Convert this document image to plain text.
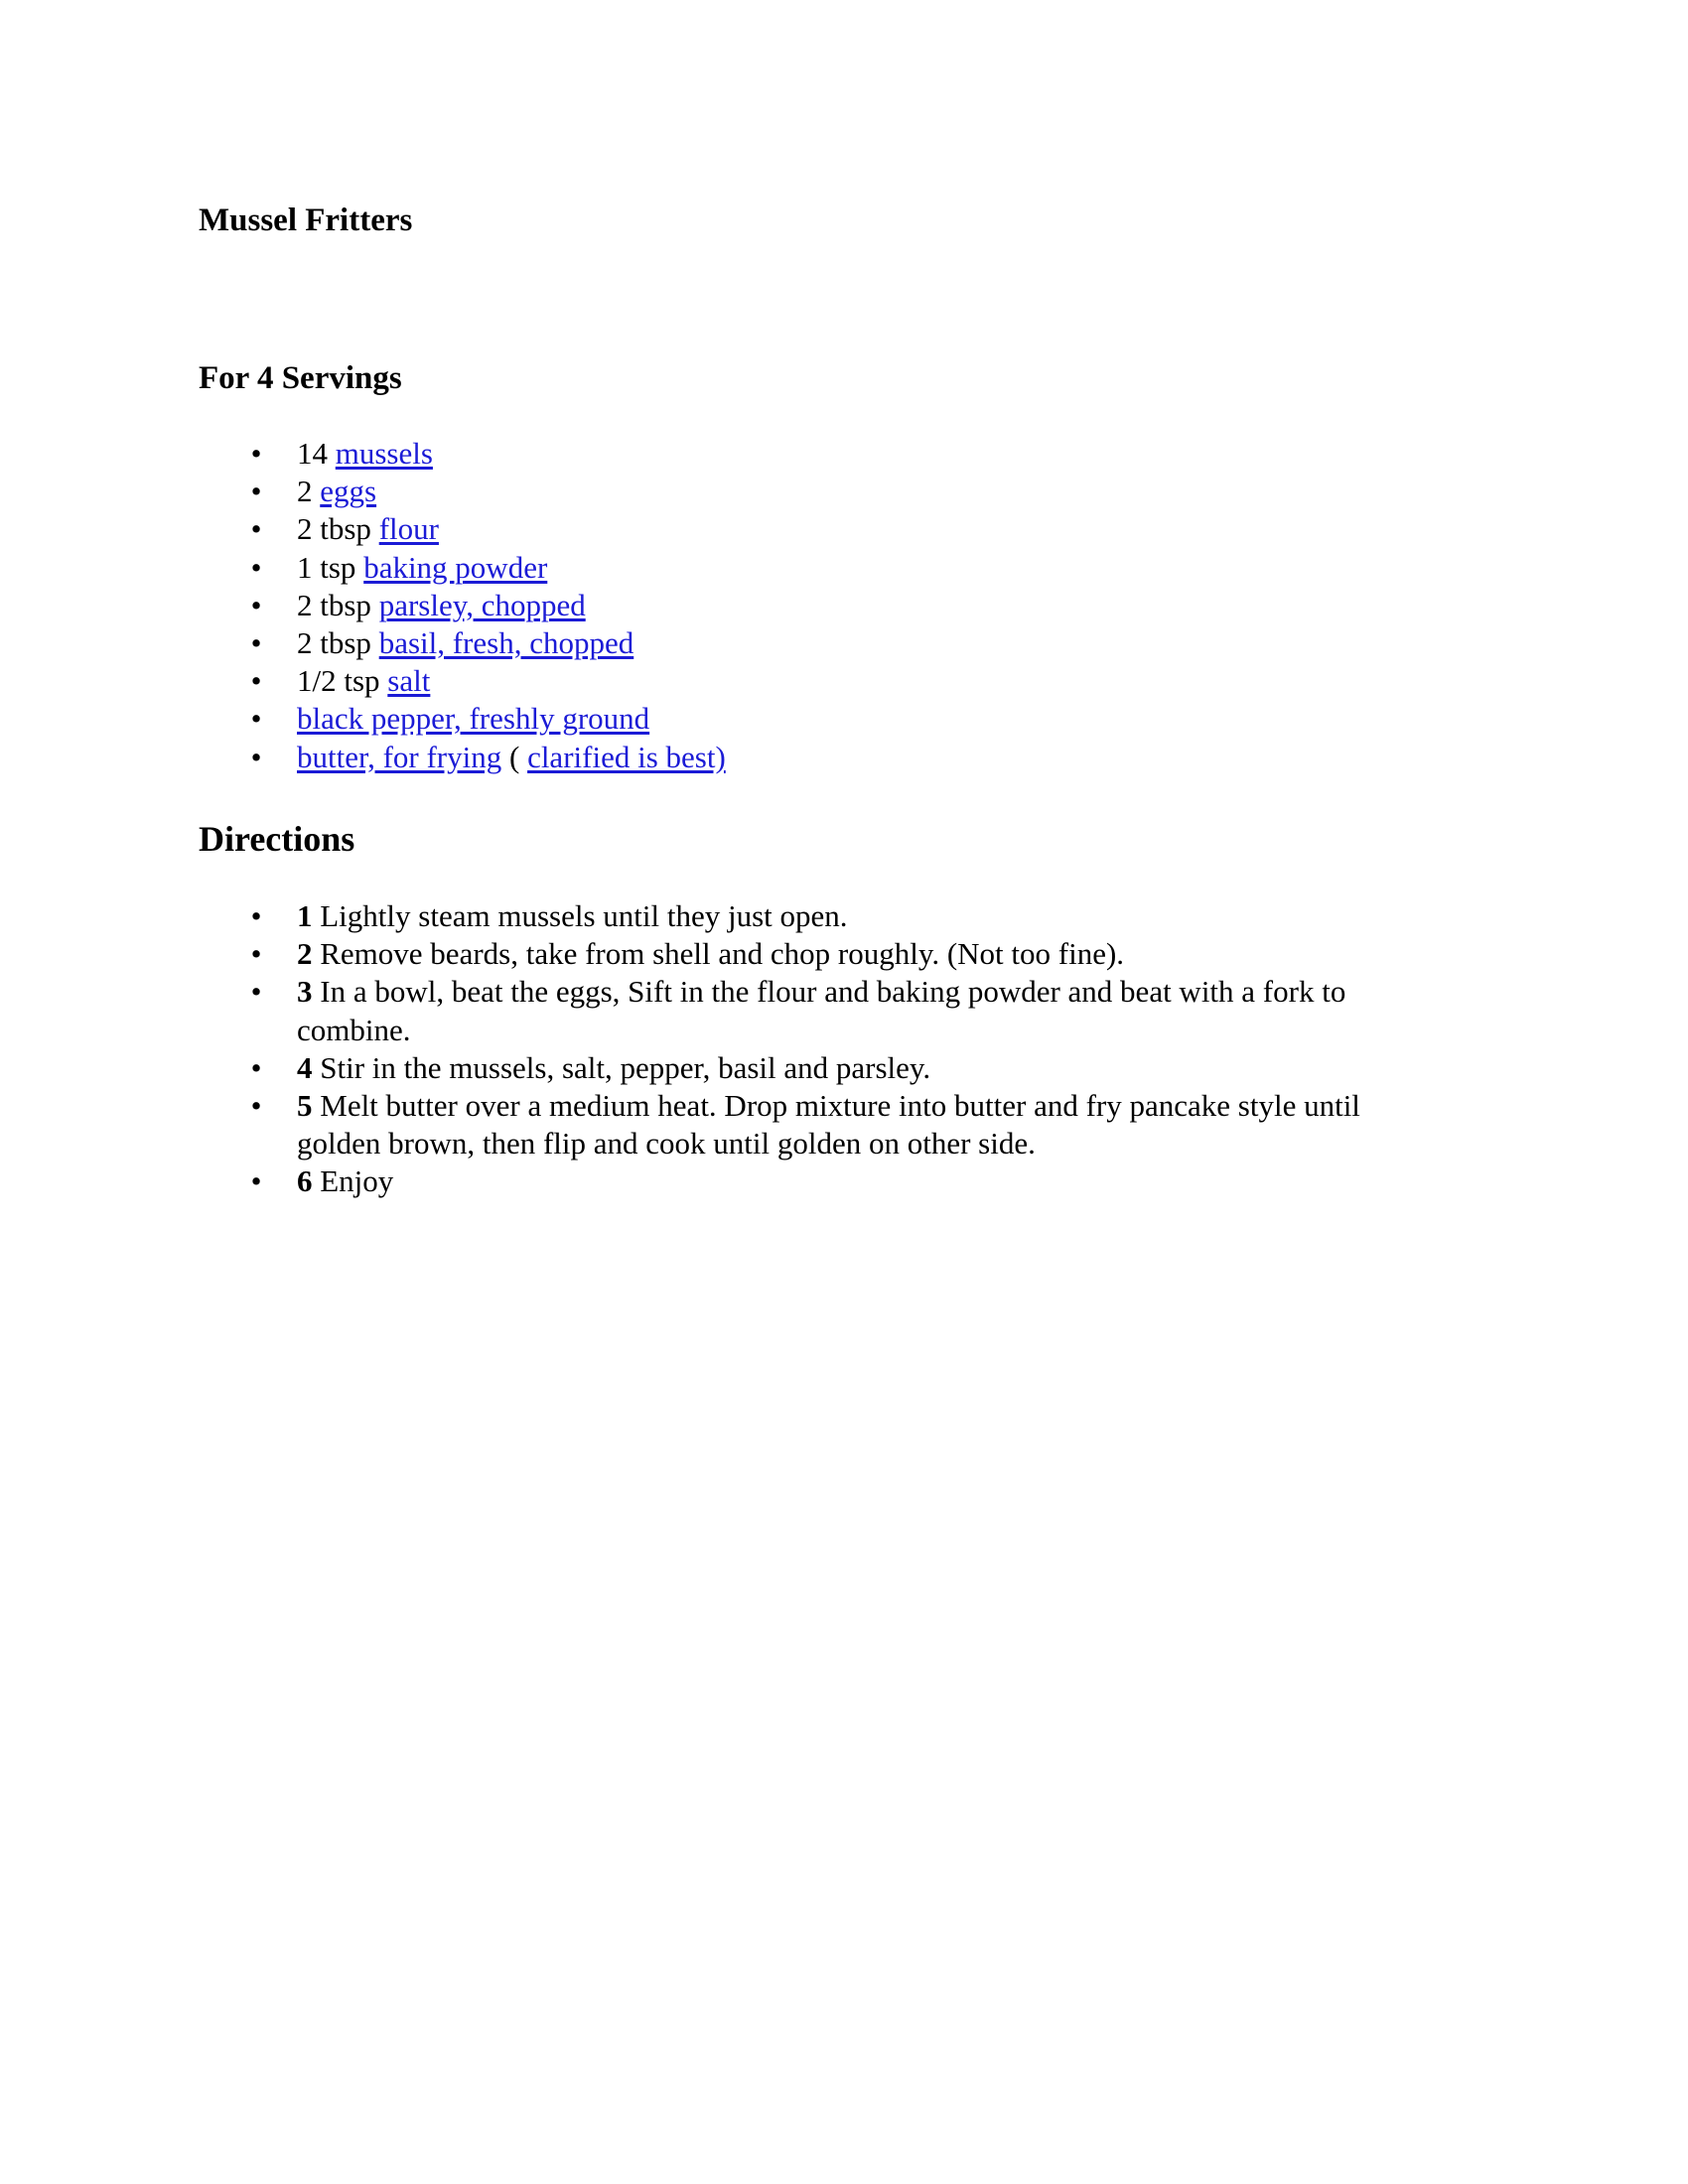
Mussel Fritters
For 4 Servings
• 14 mussels
• 2 eggs
• 2 tbsp flour
• 1 tsp baking powder
• 2 tbsp parsley, chopped
• 2 tbsp basil, fresh, chopped
• 1/2 tsp salt
• black pepper, freshly ground
• butter, for frying ( clarified is best)
Directions
• 1 Lightly steam mussels until they just open.
• 2 Remove beards, take from shell and chop roughly. (Not too fine).
• 3 In a bowl, beat the eggs, Sift in the flour and baking powder and beat with a fork to combine.
• 4 Stir in the mussels, salt, pepper, basil and parsley.
• 5 Melt butter over a medium heat. Drop mixture into butter and fry pancake style until golden brown, then flip and cook until golden on other side.
• 6 Enjoy
